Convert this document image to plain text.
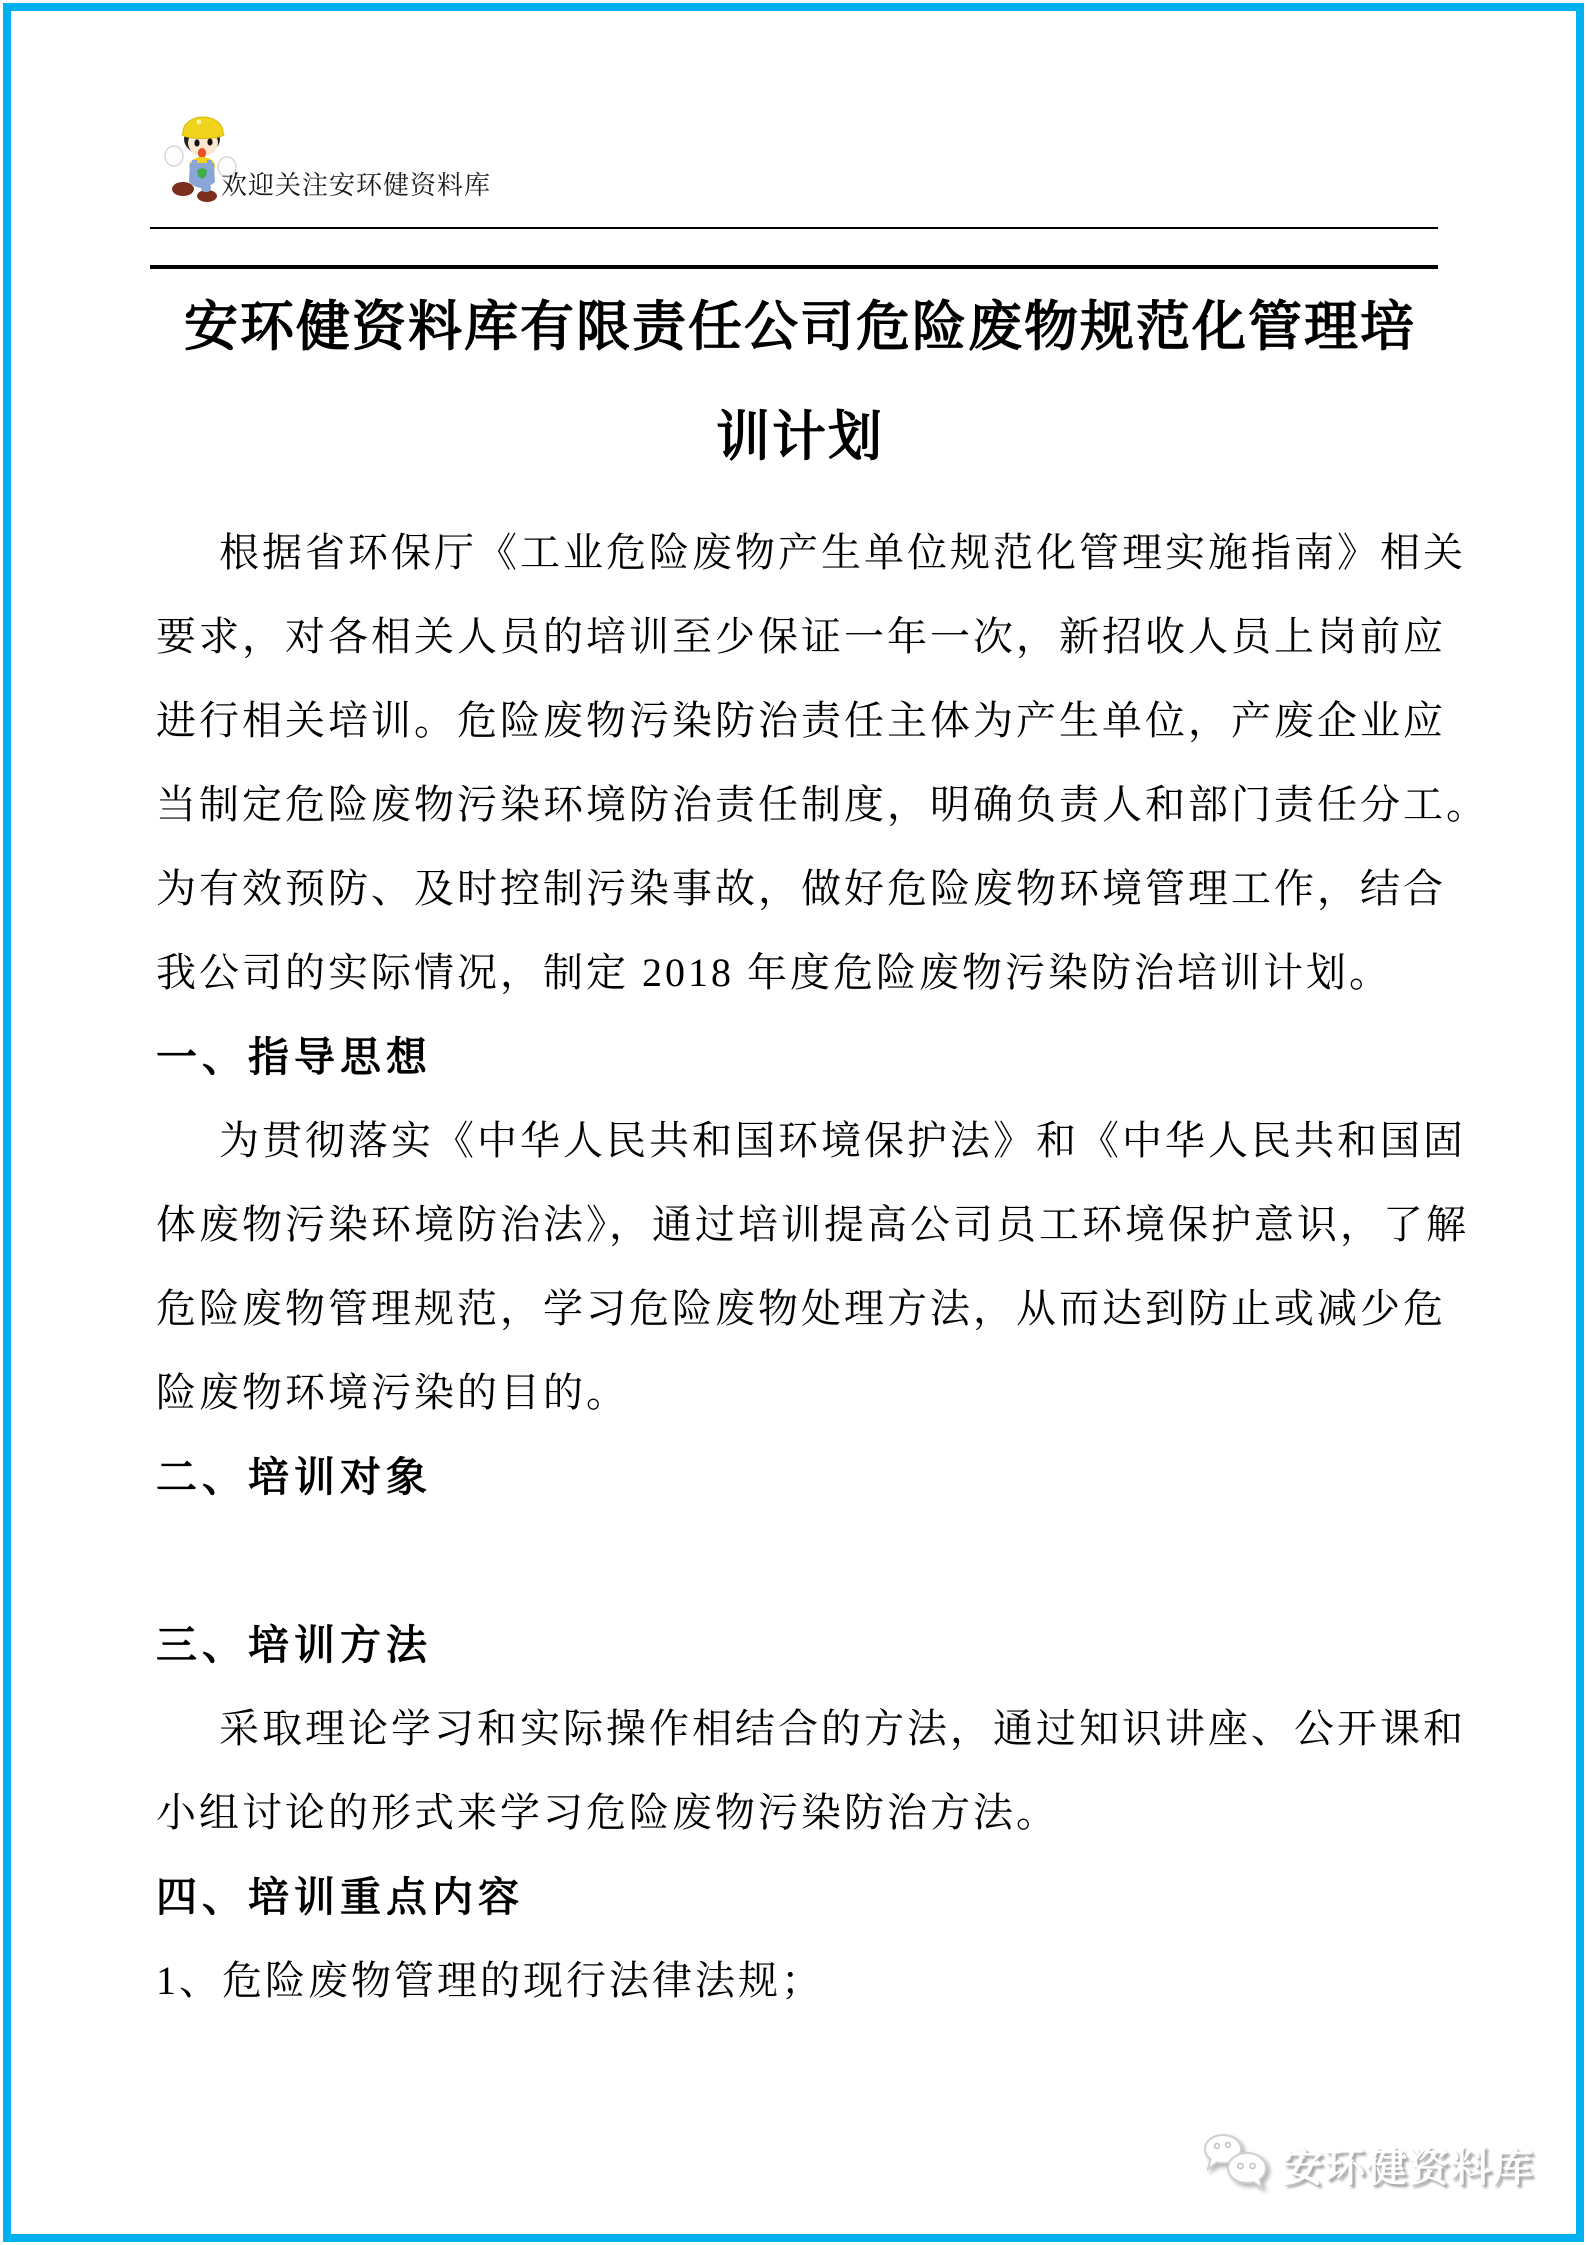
欢迎关注安环健资料库
安环健资料库有限责任公司危险废物规范化管理培
训计划
根据省环保厅《工业危险废物产生单位规范化管理实施指南》相关
要求，对各相关人员的培训至少保证一年一次，新招收人员上岗前应
进行相关培训。危险废物污染防治责任主体为产生单位，产废企业应
当制定危险废物污染环境防治责任制度，明确负责人和部门责任分工。
为有效预防、及时控制污染事故，做好危险废物环境管理工作，结合
我公司的实际情况，制定 2018 年度危险废物污染防治培训计划。
一、指导思想
为贯彻落实《中华人民共和国环境保护法》和《中华人民共和国固
体废物污染环境防治法》，通过培训提高公司员工环境保护意识，了解
危险废物管理规范，学习危险废物处理方法，从而达到防止或减少危
险废物环境污染的目的。
二、培训对象
三、培训方法
采取理论学习和实际操作相结合的方法，通过知识讲座、公开课和
小组讨论的形式来学习危险废物污染防治方法。
四、培训重点内容
1、危险废物管理的现行法律法规；
安环健资料库
